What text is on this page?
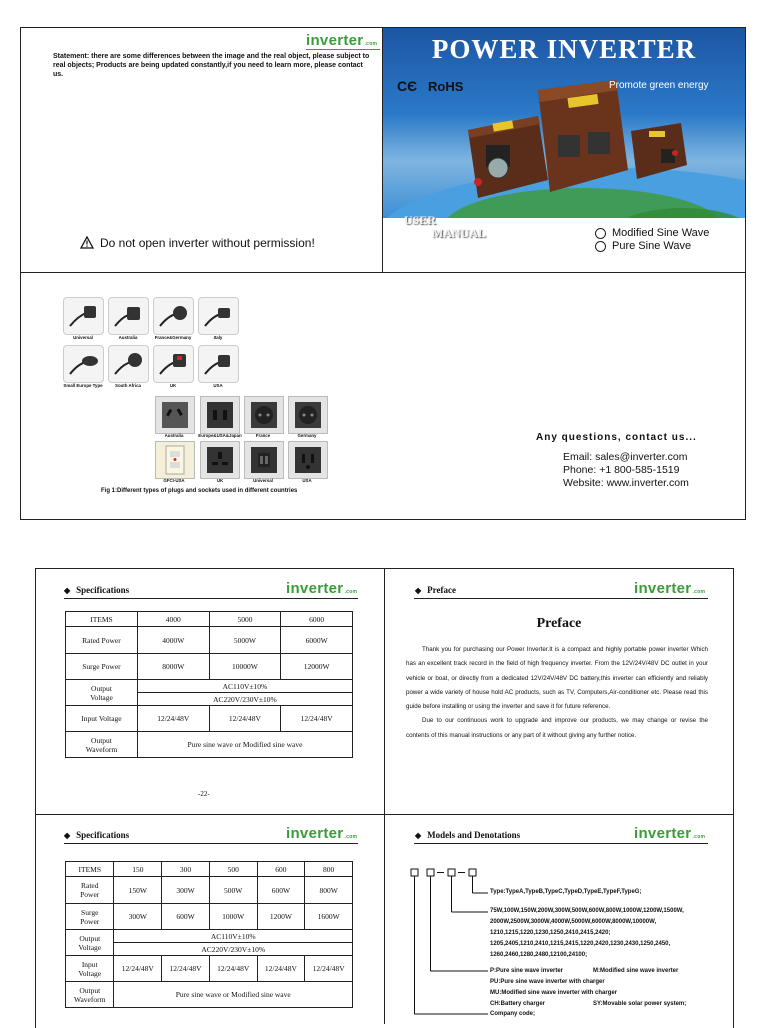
inverter.com
Statement: there are some differences between the image and the real object, please subject to real objects; Products are being updated constantly,if you need to learn more, please contact us.
Do not open inverter without permission!
POWER INVERTER
CЄ RoHS	Promote green energy
USER
MANUAL	Modified Sine Wave
Pure Sine Wave
Universal	Australia	France&Germany	Italy
Small Europe Type	South Africa	UK	USA
Australia	Europe&USA&Japan	France	Germany
GFCI-USA	UK	Universal	USA
Fig 1:Different types of plugs and sockets used in different countries
Any questions, contact us...
Email: sales@inverter.com
Phone: +1 800-585-1519
Website: www.inverter.com
◆ Specifications	inverter.com
ITEMS	4000	5000	6000
Rated Power	4000W	5000W	6000W
Surge Power	8000W	10000W	12000W
Output Voltage	AC110V±10%		
	AC220V/230V±10%		
Input Voltage	12/24/48V	12/24/48V	12/24/48V
Output Waveform	Pure sine wave or Modified sine wave		
-22-
◆ Preface	inverter.com
Preface

Thank you for purchasing our Power Inverter.It is a compact and highly portable power inverter Which has an excellent track record in the field of high frequency inverter. From the 12V/24V/48V DC outlet in your vehicle or boat, or directly from a dedicated 12V/24V/48V DC battery,this inverter can efficiently and reliably power a wide variety of house hold AC products, such as TV, Computers,Air-conditioner etc. Please read this guide before installing or using the inverter and save it for future reference.

Due to our continuous work to upgrade and improve our products, we may change or revise the contents of this manual instructions or any part of it without giving any further notice.

◆ Specifications	inverter.com
ITEMS	150	300	500	600	800
Rated Power	150W	300W	500W	600W	800W
Surge Power	300W	600W	1000W	1200W	1600W
Output Voltage	AC110V±10%				
	AC220V/230V±10%				
Input Voltage	12/24/48V	12/24/48V	12/24/48V	12/24/48V	12/24/48V
Output Waveform	Pure sine wave or Modified sine wave				
◆ Models and Denotations	inverter.com
Type:TypeA,TypeB,TypeC,TypeD,TypeE,TypeF,TypeG;
75W,100W,150W,200W,300W,500W,600W,800W,1000W,1200W,1500W,
2000W,2500W,3000W,4000W,5000W,6000W,8000W,10000W,
1210,1215,1220,1230,1250,2410,2415,2420;
1205,2405,1210,2410,1215,2415,1220,2420,1230,2430,1250,2450,
1260,2460,1280,2480,12100,24100;
P:Pure sine wave inverter	M:Modified sine wave inverter
PU:Pure sine wave inverter with charger
MU:Modified sine wave inverter with charger
CH:Battery charger	SY:Movable solar power system;
Company code;
